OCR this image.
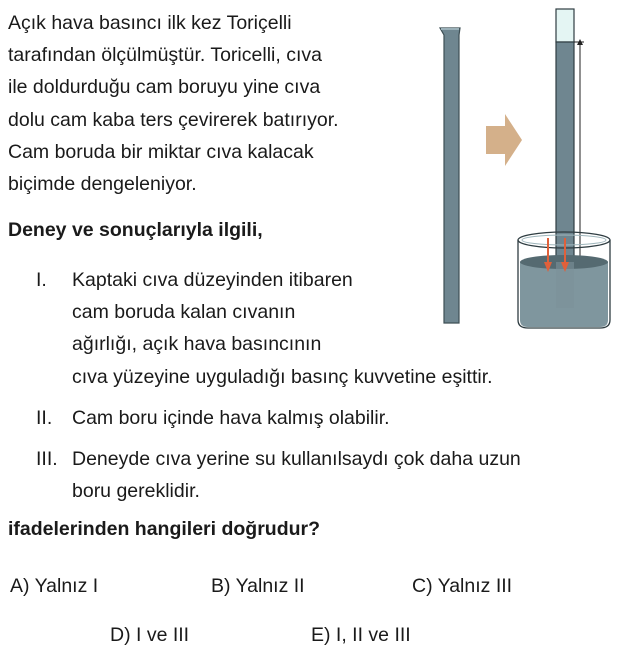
Açık hava basıncı ilk kez Toriçelli
tarafından ölçülmüştür. Toricelli, cıva
ile doldurduğu cam boruyu yine cıva
dolu cam kaba ters çevirerek batırıyor.
Cam boruda bir miktar cıva kalacak
biçimde dengeleniyor.
Deney ve sonuçlarıyla ilgili,
I. Kaptaki cıva düzeyinden itibaren
cam boruda kalan cıvanın
ağırlığı, açık hava basıncının
cıva yüzeyine uyguladığı basınç kuvvetine eşittir.
II. Cam boru içinde hava kalmış olabilir.
III. Deneyde cıva yerine su kullanılsaydı çok daha uzun
boru gereklidir.
ifadelerinden hangileri doğrudur?
A) Yalnız I	B) Yalnız II	C) Yalnız III
D) I ve III	E) I, II ve III
